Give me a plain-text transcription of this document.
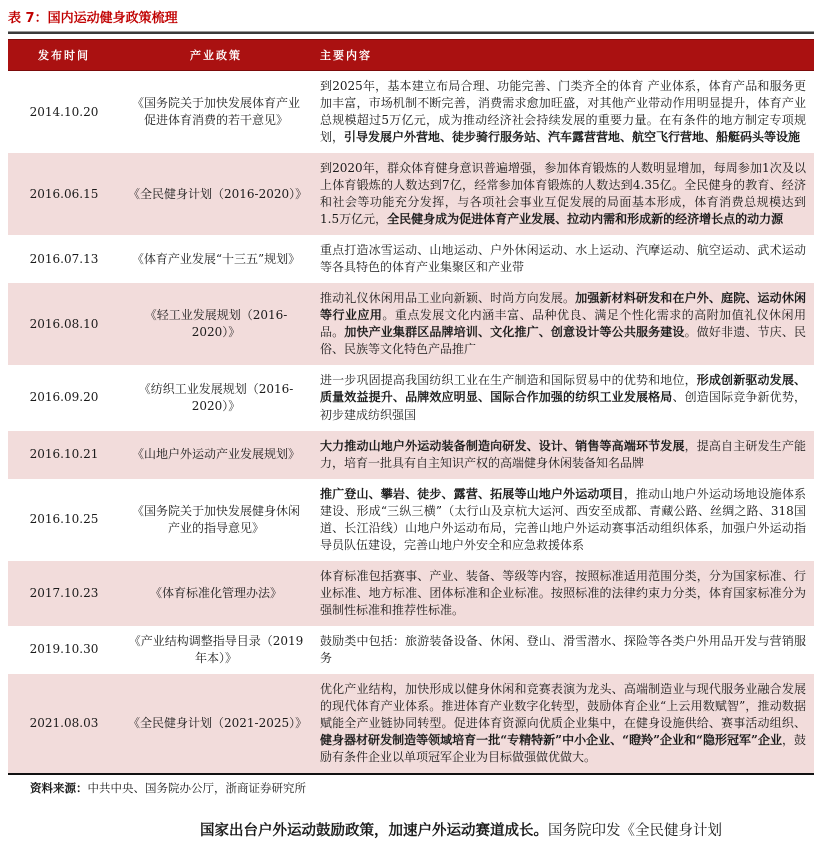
表 7：国内运动健身政策梳理
发布时间	产业政策	主要内容
2014.10.20	《国务院关于加快发展体育产业促进体育消费的若干意见》	到2025年，基本建立布局合理、功能完善、门类齐全的体育 产业体系，体育产品和服务更加丰富，市场机制不断完善，消费需求愈加旺盛，对其他产业带动作用明显提升，体育产业总规模超过5万亿元，成为推动经济社会持续发展的重要力量。在有条件的地方制定专项规划，引导发展户外营地、徒步骑行服务站、汽车露营营地、航空飞行营地、船艇码头等设施
2016.06.15	《全民健身计划（2016-2020）》	到2020年，群众体育健身意识普遍增强，参加体育锻炼的人数明显增加，每周参加1次及以上体育锻炼的人数达到7亿，经常参加体育锻炼的人数达到4.35亿。全民健身的教育、经济和社会等功能充分发挥，与各项社会事业互促发展的局面基本形成，体育消费总规模达到1.5万亿元，全民健身成为促进体育产业发展、拉动内需和形成新的经济增长点的动力源
2016.07.13	《体育产业发展“十三五”规划》	重点打造冰雪运动、山地运动、户外休闲运动、水上运动、汽摩运动、航空运动、武术运动等各具特色的体育产业集聚区和产业带
2016.08.10	《轻工业发展规划（2016-2020）》	推动礼仪休闲用品工业向新颖、时尚方向发展。加强新材料研发和在户外、庭院、运动休闲等行业应用。重点发展文化内涵丰富、品种优良、满足个性化需求的高附加值礼仪休闲用品。加快产业集群区品牌培训、文化推广、创意设计等公共服务建设。做好非遗、节庆、民俗、民族等文化特色产品推广
2016.09.20	《纺织工业发展规划（2016-2020）》	进一步巩固提高我国纺织工业在生产制造和国际贸易中的优势和地位，形成创新驱动发展、质量效益提升、品牌效应明显、国际合作加强的纺织工业发展格局、创造国际竞争新优势，初步建成纺织强国
2016.10.21	《山地户外运动产业发展规划》	大力推动山地户外运动装备制造向研发、设计、销售等高端环节发展，提高自主研发生产能力，培育一批具有自主知识产权的高端健身休闲装备知名品牌
2016.10.25	《国务院关于加快发展健身休闲产业的指导意见》	推广登山、攀岩、徒步、露营、拓展等山地户外运动项目，推动山地户外运动场地设施体系建设、形成“三纵三横”（太行山及京杭大运河、西安至成都、青藏公路、丝绸之路、318国道、长江沿线）山地户外运动布局，完善山地户外运动赛事活动组织体系，加强户外运动指导员队伍建设，完善山地户外安全和应急救援体系
2017.10.23	《体育标准化管理办法》	体育标准包括赛事、产业、装备、等级等内容，按照标准适用范围分类，分为国家标准、行业标准、地方标准、团体标准和企业标准。按照标准的法律约束力分类，体育国家标准分为强制性标准和推荐性标准。
2019.10.30	《产业结构调整指导目录（2019年本）》	鼓励类中包括：旅游装备设备、休闲、登山、滑雪潜水、探险等各类户外用品开发与营销服务
2021.08.03	《全民健身计划（2021-2025）》	优化产业结构，加快形成以健身休闲和竞赛表演为龙头、高端制造业与现代服务业融合发展的现代体育产业体系。推进体育产业数字化转型，鼓励体育企业“上云用数赋智”，推动数据赋能全产业链协同转型。促进体育资源向优质企业集中，在健身设施供给、赛事活动组织、健身器材研发制造等领域培育一批“专精特新”中小企业、“瞪羚”企业和“隐形冠军”企业，鼓励有条件企业以单项冠军企业为目标做强做优做大。
资料来源：中共中央、国务院办公厅，浙商证券研究所
国家出台户外运动鼓励政策，加速户外运动赛道成长。国务院印发《全民健身计划
